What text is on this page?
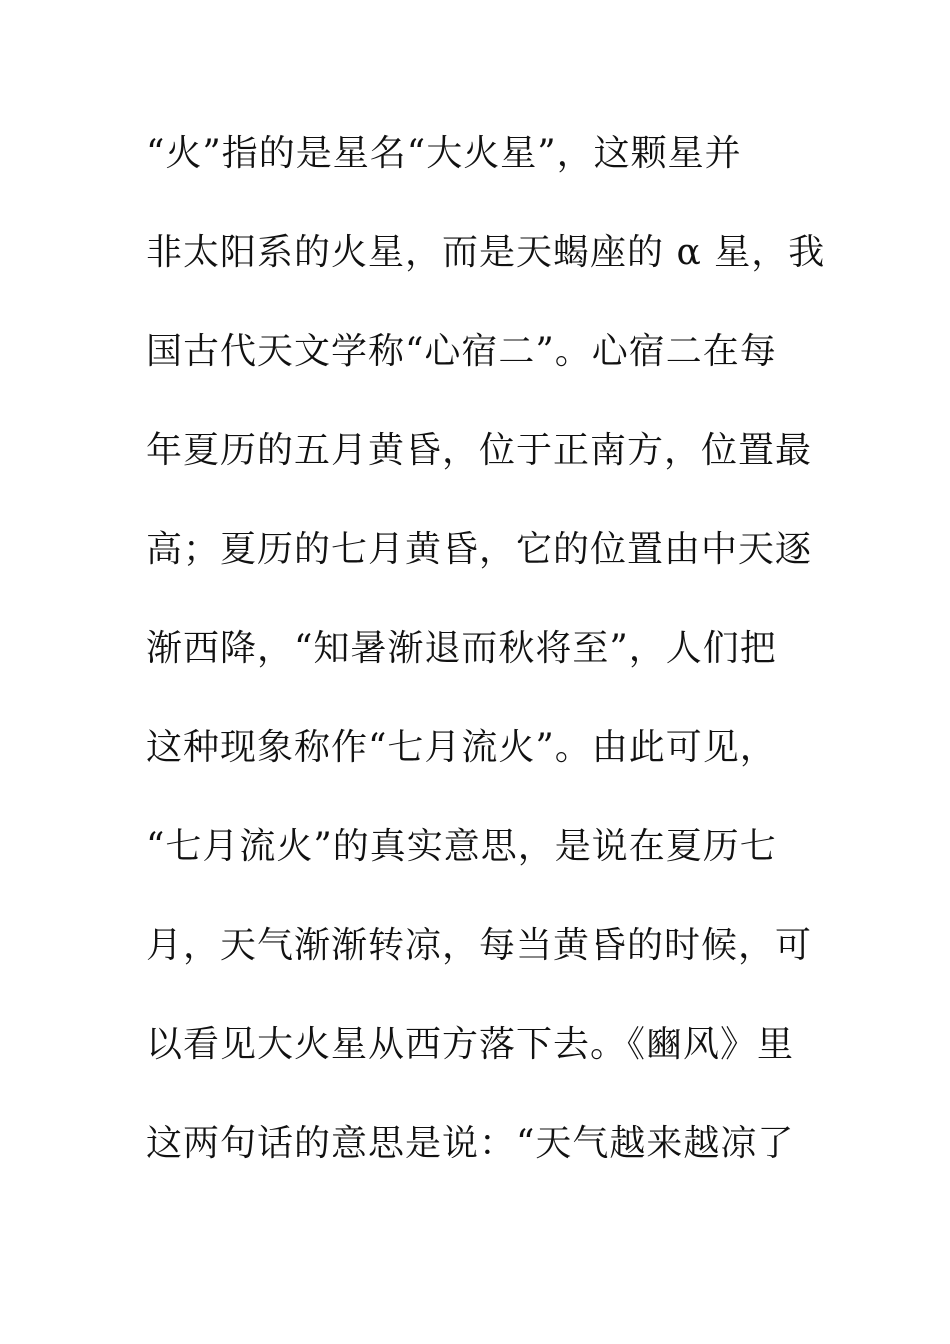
“火”指的是星名“大火星”，这颗星并
非太阳系的火星，而是天蝎座的 α 星，我
国古代天文学称“心宿二”。心宿二在每
年夏历的五月黄昏，位于正南方，位置最
高；夏历的七月黄昏，它的位置由中天逐
渐西降，“知暑渐退而秋将至”，人们把
这种现象称作“七月流火”。由此可见，
“七月流火”的真实意思，是说在夏历七
月，天气渐渐转凉，每当黄昏的时候，可
以看见大火星从西方落下去。《豳风》里
这两句话的意思是说：“天气越来越凉了
